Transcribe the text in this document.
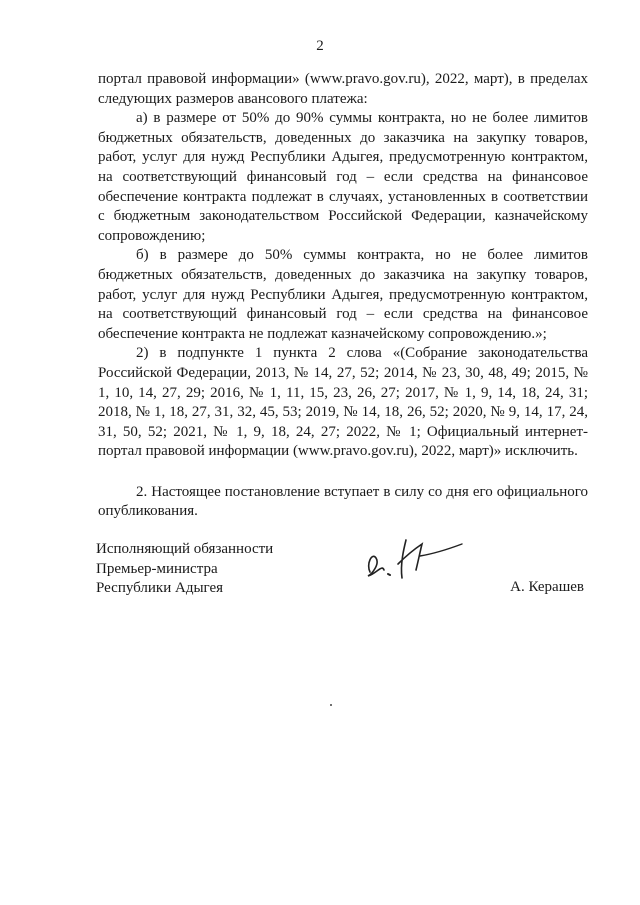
2

портал правовой информации» (www.pravo.gov.ru), 2022, март), в пределах следующих размеров авансового платежа:

а) в размере от 50% до 90% суммы контракта, но не более лимитов бюджетных обязательств, доведенных до заказчика на закупку товаров, работ, услуг для нужд Республики Адыгея, предусмотренную контрактом, на соответствующий финансовый год – если средства на финансовое обеспечение контракта подлежат в случаях, установленных в соответствии с бюджетным законодательством Российской Федерации, казначейскому сопровождению;

б) в размере до 50% суммы контракта, но не более лимитов бюджетных обязательств, доведенных до заказчика на закупку товаров, работ, услуг для нужд Республики Адыгея, предусмотренную контрактом, на соответствующий финансовый год – если средства на финансовое обеспечение контракта не подлежат казначейскому сопровождению.»;

2) в подпункте 1 пункта 2 слова «(Собрание законодательства Российской Федерации, 2013, № 14, 27, 52; 2014, № 23, 30, 48, 49; 2015, № 1, 10, 14, 27, 29; 2016, № 1, 11, 15, 23, 26, 27; 2017, № 1, 9, 14, 18, 24, 31; 2018, № 1, 18, 27, 31, 32, 45, 53; 2019, № 14, 18, 26, 52; 2020, № 9, 14, 17, 24, 31, 50, 52; 2021, № 1, 9, 18, 24, 27; 2022, № 1; Официальный интернет-портал правовой информации (www.pravo.gov.ru), 2022, март)» исключить.

2. Настоящее постановление вступает в силу со дня его официального опубликования.

Исполняющий обязанности
Премьер-министра
Республики Адыгея	А. Керашев
